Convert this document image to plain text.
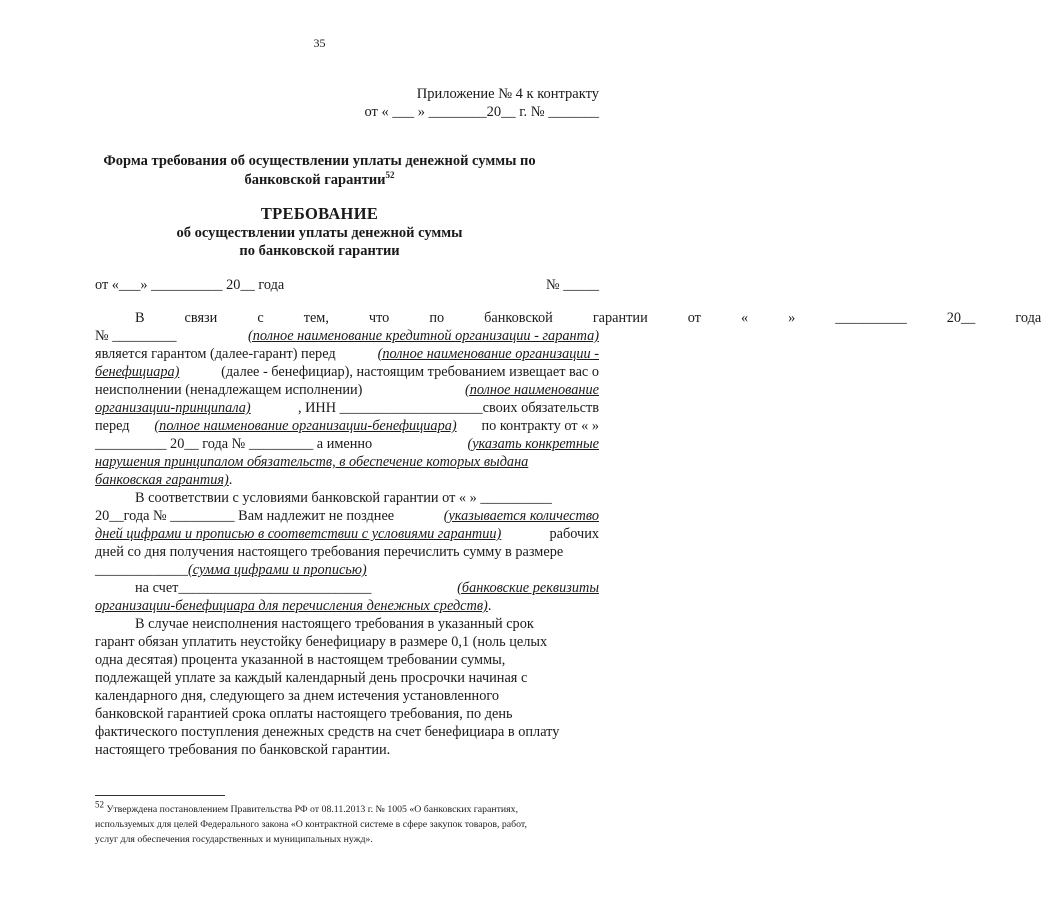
35
Приложение № 4 к контракту
от « ___ » ________20__ г. № _______
Форма требования об осуществлении уплаты денежной суммы по
банковской гарантии$^{52}$
ТРЕБОВАНИЕ
об осуществлении уплаты денежной суммы
по банковской гарантии
от «___» __________ 20__ года	№ _____
В	связи	с	тем,	что	по	банковской	гарантии	от	«	»	__________	20__	года
№ _________	(полное наименование кредитной организации - гаранта)
является гарантом (далее-гарант) перед	(полное наименование организации -
бенефициара)	(далее - бенефициар), настоящим требованием извещает вас о
неисполнении (ненадлежащем исполнении)	(полное наименование
организации-принципала)	, ИНН ____________________своих обязательств
перед (полное наименование организации-бенефициара) по контракту от « »
__________ 20__ года № _________ а именно	(указать конкретные
нарушения принципалом обязательств, в обеспечение которых выдана
банковская гарантия).
В соответствии с условиями банковской гарантии от « » __________
20__года № _________ Вам надлежит не позднее	(указывается количество
дней цифрами и прописью в соответствии с условиями гарантии)	рабочих
дней со дня получения настоящего требования перечислить сумму в размере
_____________(сумма цифрами и прописью)
на счет___________________________	(банковские реквизиты
организации-бенефициара для перечисления денежных средств).
В случае неисполнения настоящего требования в указанный срок
гарант обязан уплатить неустойку бенефициару в размере 0,1 (ноль целых
одна десятая) процента указанной в настоящем требовании суммы,
подлежащей уплате за каждый календарный день просрочки начиная с
календарного дня, следующего за днем истечения установленного
банковской гарантией срока оплаты настоящего требования, по день
фактического поступления денежных средств на счет бенефициара в оплату
настоящего требования по банковской гарантии.
$^{52}$ Утверждена постановлением Правительства РФ от 08.11.2013 г. № 1005 «О банковских гарантиях,
используемых для целей Федерального закона «О контрактной системе в сфере закупок товаров, работ,
услуг для обеспечения государственных и муниципальных нужд».
